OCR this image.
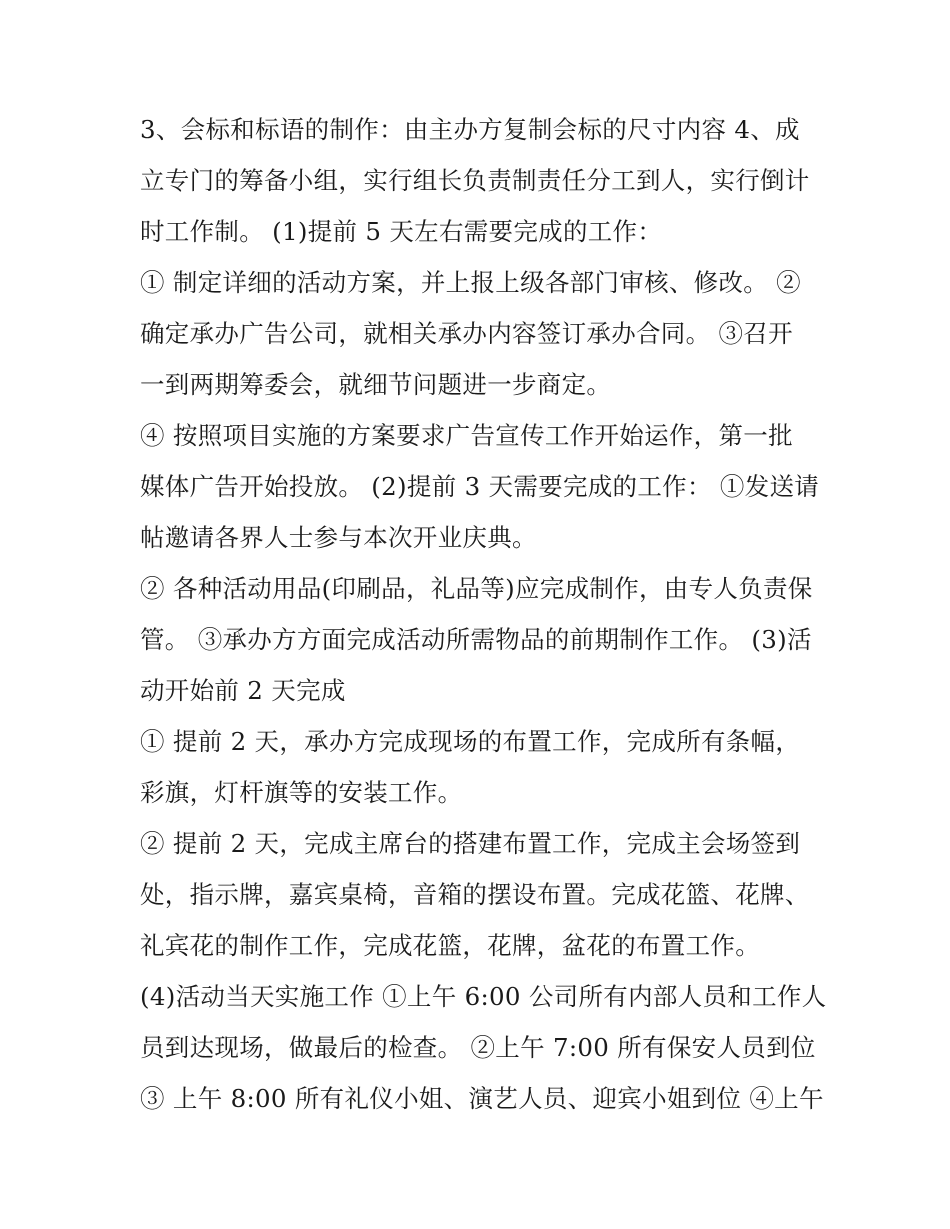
3、会标和标语的制作：由主办方复制会标的尺寸内容 4、成
立专门的筹备小组，实行组长负责制责任分工到人，实行倒计
时工作制。 (1)提前 5 天左右需要完成的工作：
① 制定详细的活动方案，并上报上级各部门审核、修改。 ②
确定承办广告公司，就相关承办内容签订承办合同。 ③召开
一到两期筹委会，就细节问题进一步商定。
④ 按照项目实施的方案要求广告宣传工作开始运作，第一批
媒体广告开始投放。 (2)提前 3 天需要完成的工作： ①发送请
帖邀请各界人士参与本次开业庆典。
② 各种活动用品(印刷品，礼品等)应完成制作，由专人负责保
管。 ③承办方方面完成活动所需物品的前期制作工作。 (3)活
动开始前 2 天完成
① 提前 2 天，承办方完成现场的布置工作，完成所有条幅，
彩旗，灯杆旗等的安装工作。
② 提前 2 天，完成主席台的搭建布置工作，完成主会场签到
处，指示牌，嘉宾桌椅，音箱的摆设布置。完成花篮、花牌、
礼宾花的制作工作，完成花篮，花牌，盆花的布置工作。
(4)活动当天实施工作 ①上午 6:00 公司所有内部人员和工作人
员到达现场，做最后的检查。 ②上午 7:00 所有保安人员到位
③ 上午 8:00 所有礼仪小姐、演艺人员、迎宾小姐到位 ④上午
